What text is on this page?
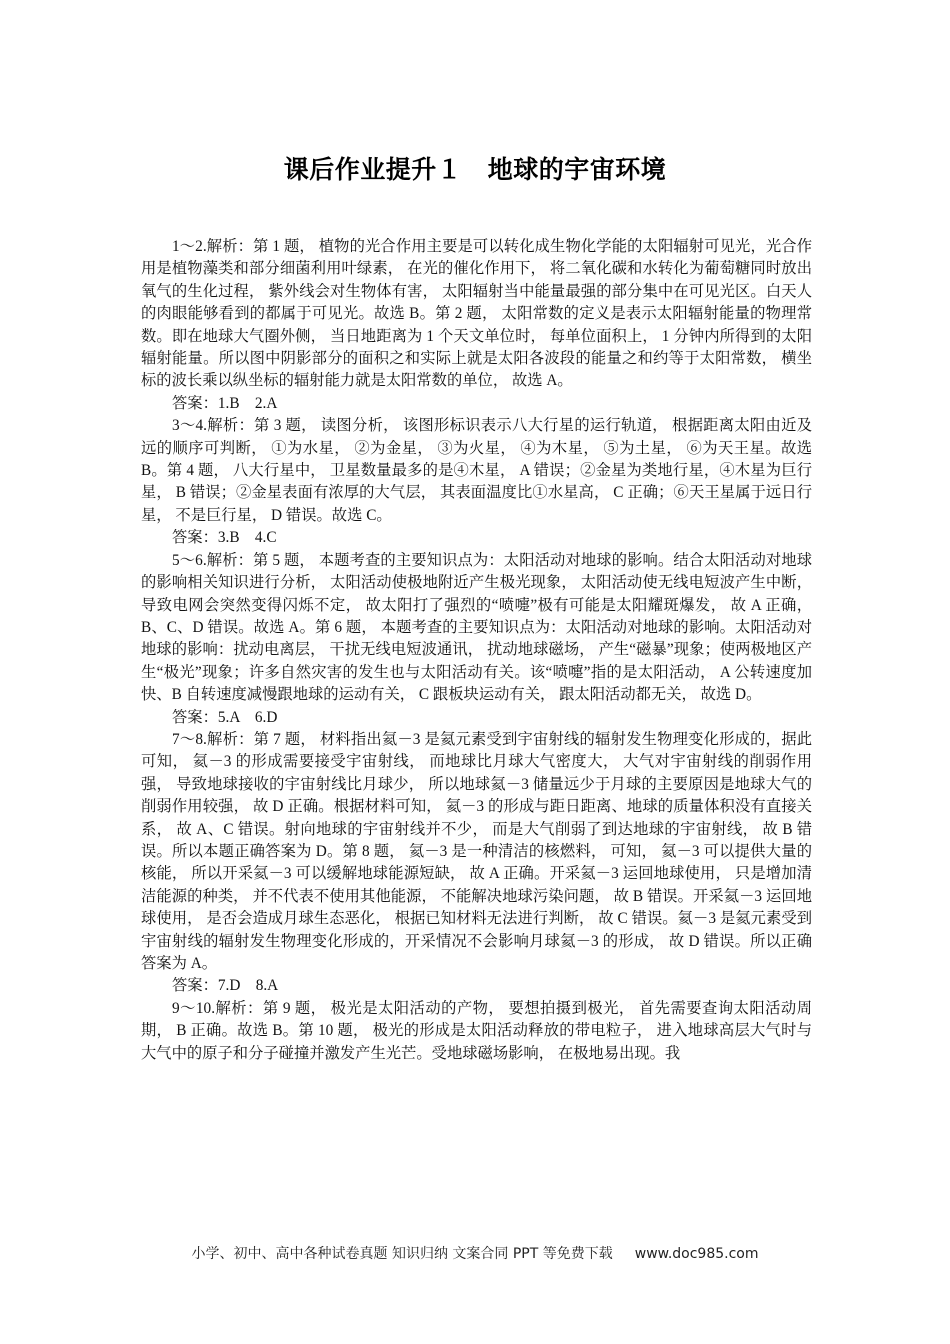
课后作业提升１　地球的宇宙环境

1～2.解析：第 1 题， 植物的光合作用主要是可以转化成生物化学能的太阳辐射可见光，光合作用是植物藻类和部分细菌利用叶绿素， 在光的催化作用下， 将二氧化碳和水转化为葡萄糖同时放出氧气的生化过程， 紫外线会对生物体有害， 太阳辐射当中能量最强的部分集中在可见光区。白天人的肉眼能够看到的都属于可见光。故选 B。第 2 题， 太阳常数的定义是表示太阳辐射能量的物理常数。即在地球大气圈外侧， 当日地距离为 1 个天文单位时， 每单位面积上， 1 分钟内所得到的太阳辐射能量。所以图中阴影部分的面积之和实际上就是太阳各波段的能量之和约等于太阳常数， 横坐标的波长乘以纵坐标的辐射能力就是太阳常数的单位， 故选 A。

答案：1.B　2.A

3～4.解析：第 3 题， 读图分析， 该图形标识表示八大行星的运行轨道， 根据距离太阳由近及远的顺序可判断， ①为水星， ②为金星， ③为火星， ④为木星， ⑤为土星， ⑥为天王星。故选 B。第 4 题， 八大行星中， 卫星数量最多的是④木星， A 错误；②金星为类地行星，④木星为巨行星， B 错误；②金星表面有浓厚的大气层， 其表面温度比①水星高， C 正确；⑥天王星属于远日行星， 不是巨行星， D 错误。故选 C。

答案：3.B　4.C

5～6.解析：第 5 题， 本题考查的主要知识点为：太阳活动对地球的影响。结合太阳活动对地球的影响相关知识进行分析， 太阳活动使极地附近产生极光现象， 太阳活动使无线电短波产生中断， 导致电网会突然变得闪烁不定， 故太阳打了强烈的“喷嚏”极有可能是太阳耀斑爆发， 故 A 正确， B、C、D 错误。故选 A。第 6 题， 本题考查的主要知识点为：太阳活动对地球的影响。太阳活动对地球的影响：扰动电离层， 干扰无线电短波通讯， 扰动地球磁场， 产生“磁暴”现象；使两极地区产生“极光”现象；许多自然灾害的发生也与太阳活动有关。该“喷嚏”指的是太阳活动， A 公转速度加快、B 自转速度减慢跟地球的运动有关， C 跟板块运动有关， 跟太阳活动都无关， 故选 D。

答案：5.A　6.D

7～8.解析：第 7 题， 材料指出氦－3 是氦元素受到宇宙射线的辐射发生物理变化形成的，据此可知， 氦－3 的形成需要接受宇宙射线， 而地球比月球大气密度大， 大气对宇宙射线的削弱作用强， 导致地球接收的宇宙射线比月球少， 所以地球氦－3 储量远少于月球的主要原因是地球大气的削弱作用较强， 故 D 正确。根据材料可知， 氦－3 的形成与距日距离、地球的质量体积没有直接关系， 故 A、C 错误。射向地球的宇宙射线并不少， 而是大气削弱了到达地球的宇宙射线， 故 B 错误。所以本题正确答案为 D。第 8 题， 氦－3 是一种清洁的核燃料， 可知， 氦－3 可以提供大量的核能， 所以开采氦－3 可以缓解地球能源短缺， 故 A 正确。开采氦－3 运回地球使用， 只是增加清洁能源的种类， 并不代表不使用其他能源， 不能解决地球污染问题， 故 B 错误。开采氦－3 运回地球使用， 是否会造成月球生态恶化， 根据已知材料无法进行判断， 故 C 错误。氦－3 是氦元素受到宇宙射线的辐射发生物理变化形成的，开采情况不会影响月球氦－3 的形成， 故 D 错误。所以正确答案为 A。

答案：7.D　8.A

9～10.解析：第 9 题， 极光是太阳活动的产物， 要想拍摄到极光， 首先需要查询太阳活动周期， B 正确。故选 B。第 10 题， 极光的形成是太阳活动释放的带电粒子， 进入地球高层大气时与大气中的原子和分子碰撞并激发产生光芒。受地球磁场影响， 在极地易出现。我

小学、初中、高中各种试卷真题 知识归纳 文案合同 PPT 等免费下载 www.doc985.com
